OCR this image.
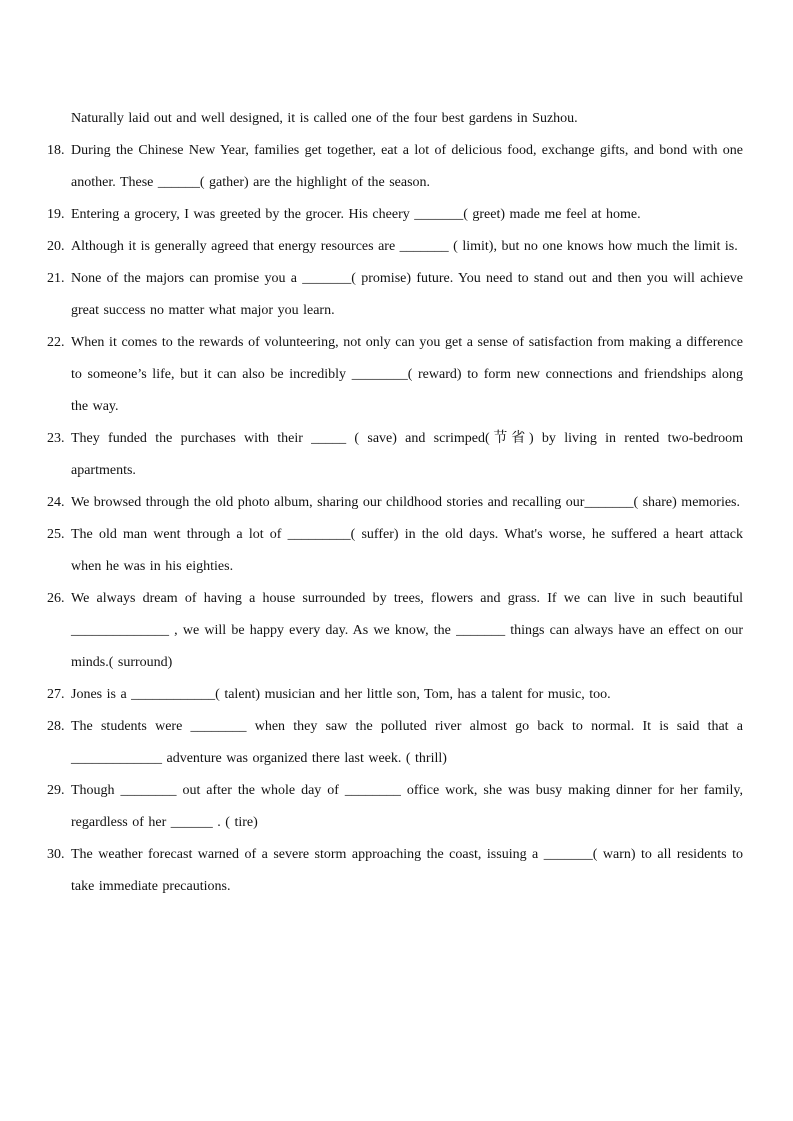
Naturally laid out and well designed, it is called one of the four best gardens in Suzhou.
18. During the Chinese New Year, families get together, eat a lot of delicious food, exchange gifts, and bond with one another. These ______( gather) are the highlight of the season.
19. Entering a grocery, I was greeted by the grocer. His cheery _______( greet) made me feel at home.
20. Although it is generally agreed that energy resources are _______ ( limit), but no one knows how much the limit is.
21. None of the majors can promise you a _______( promise) future. You need to stand out and then you will achieve great success no matter what major you learn.
22. When it comes to the rewards of volunteering, not only can you get a sense of satisfaction from making a difference to someone’s life, but it can also be incredibly ________( reward) to form new connections and friendships along the way.
23. They funded the purchases with their _____ ( save) and scrimped(节省) by living in rented two-bedroom apartments.
24. We browsed through the old photo album, sharing our childhood stories and recalling our_______( share) memories.
25. The old man went through a lot of _________( suffer) in the old days. What's worse, he suffered a heart attack when he was in his eighties.
26. We always dream of having a house surrounded by trees, flowers and grass. If we can live in such beautiful ______________ , we will be happy every day. As we know, the _______ things can always have an effect on our minds.( surround)
27. Jones is a ____________( talent) musician and her little son, Tom, has a talent for music, too.
28. The students were ________ when they saw the polluted river almost go back to normal. It is said that a _____________ adventure was organized there last week. ( thrill)
29. Though ________ out after the whole day of ________ office work, she was busy making dinner for her family, regardless of her ______ . ( tire)
30. The weather forecast warned of a severe storm approaching the coast, issuing a _______( warn) to all residents to take immediate precautions.
